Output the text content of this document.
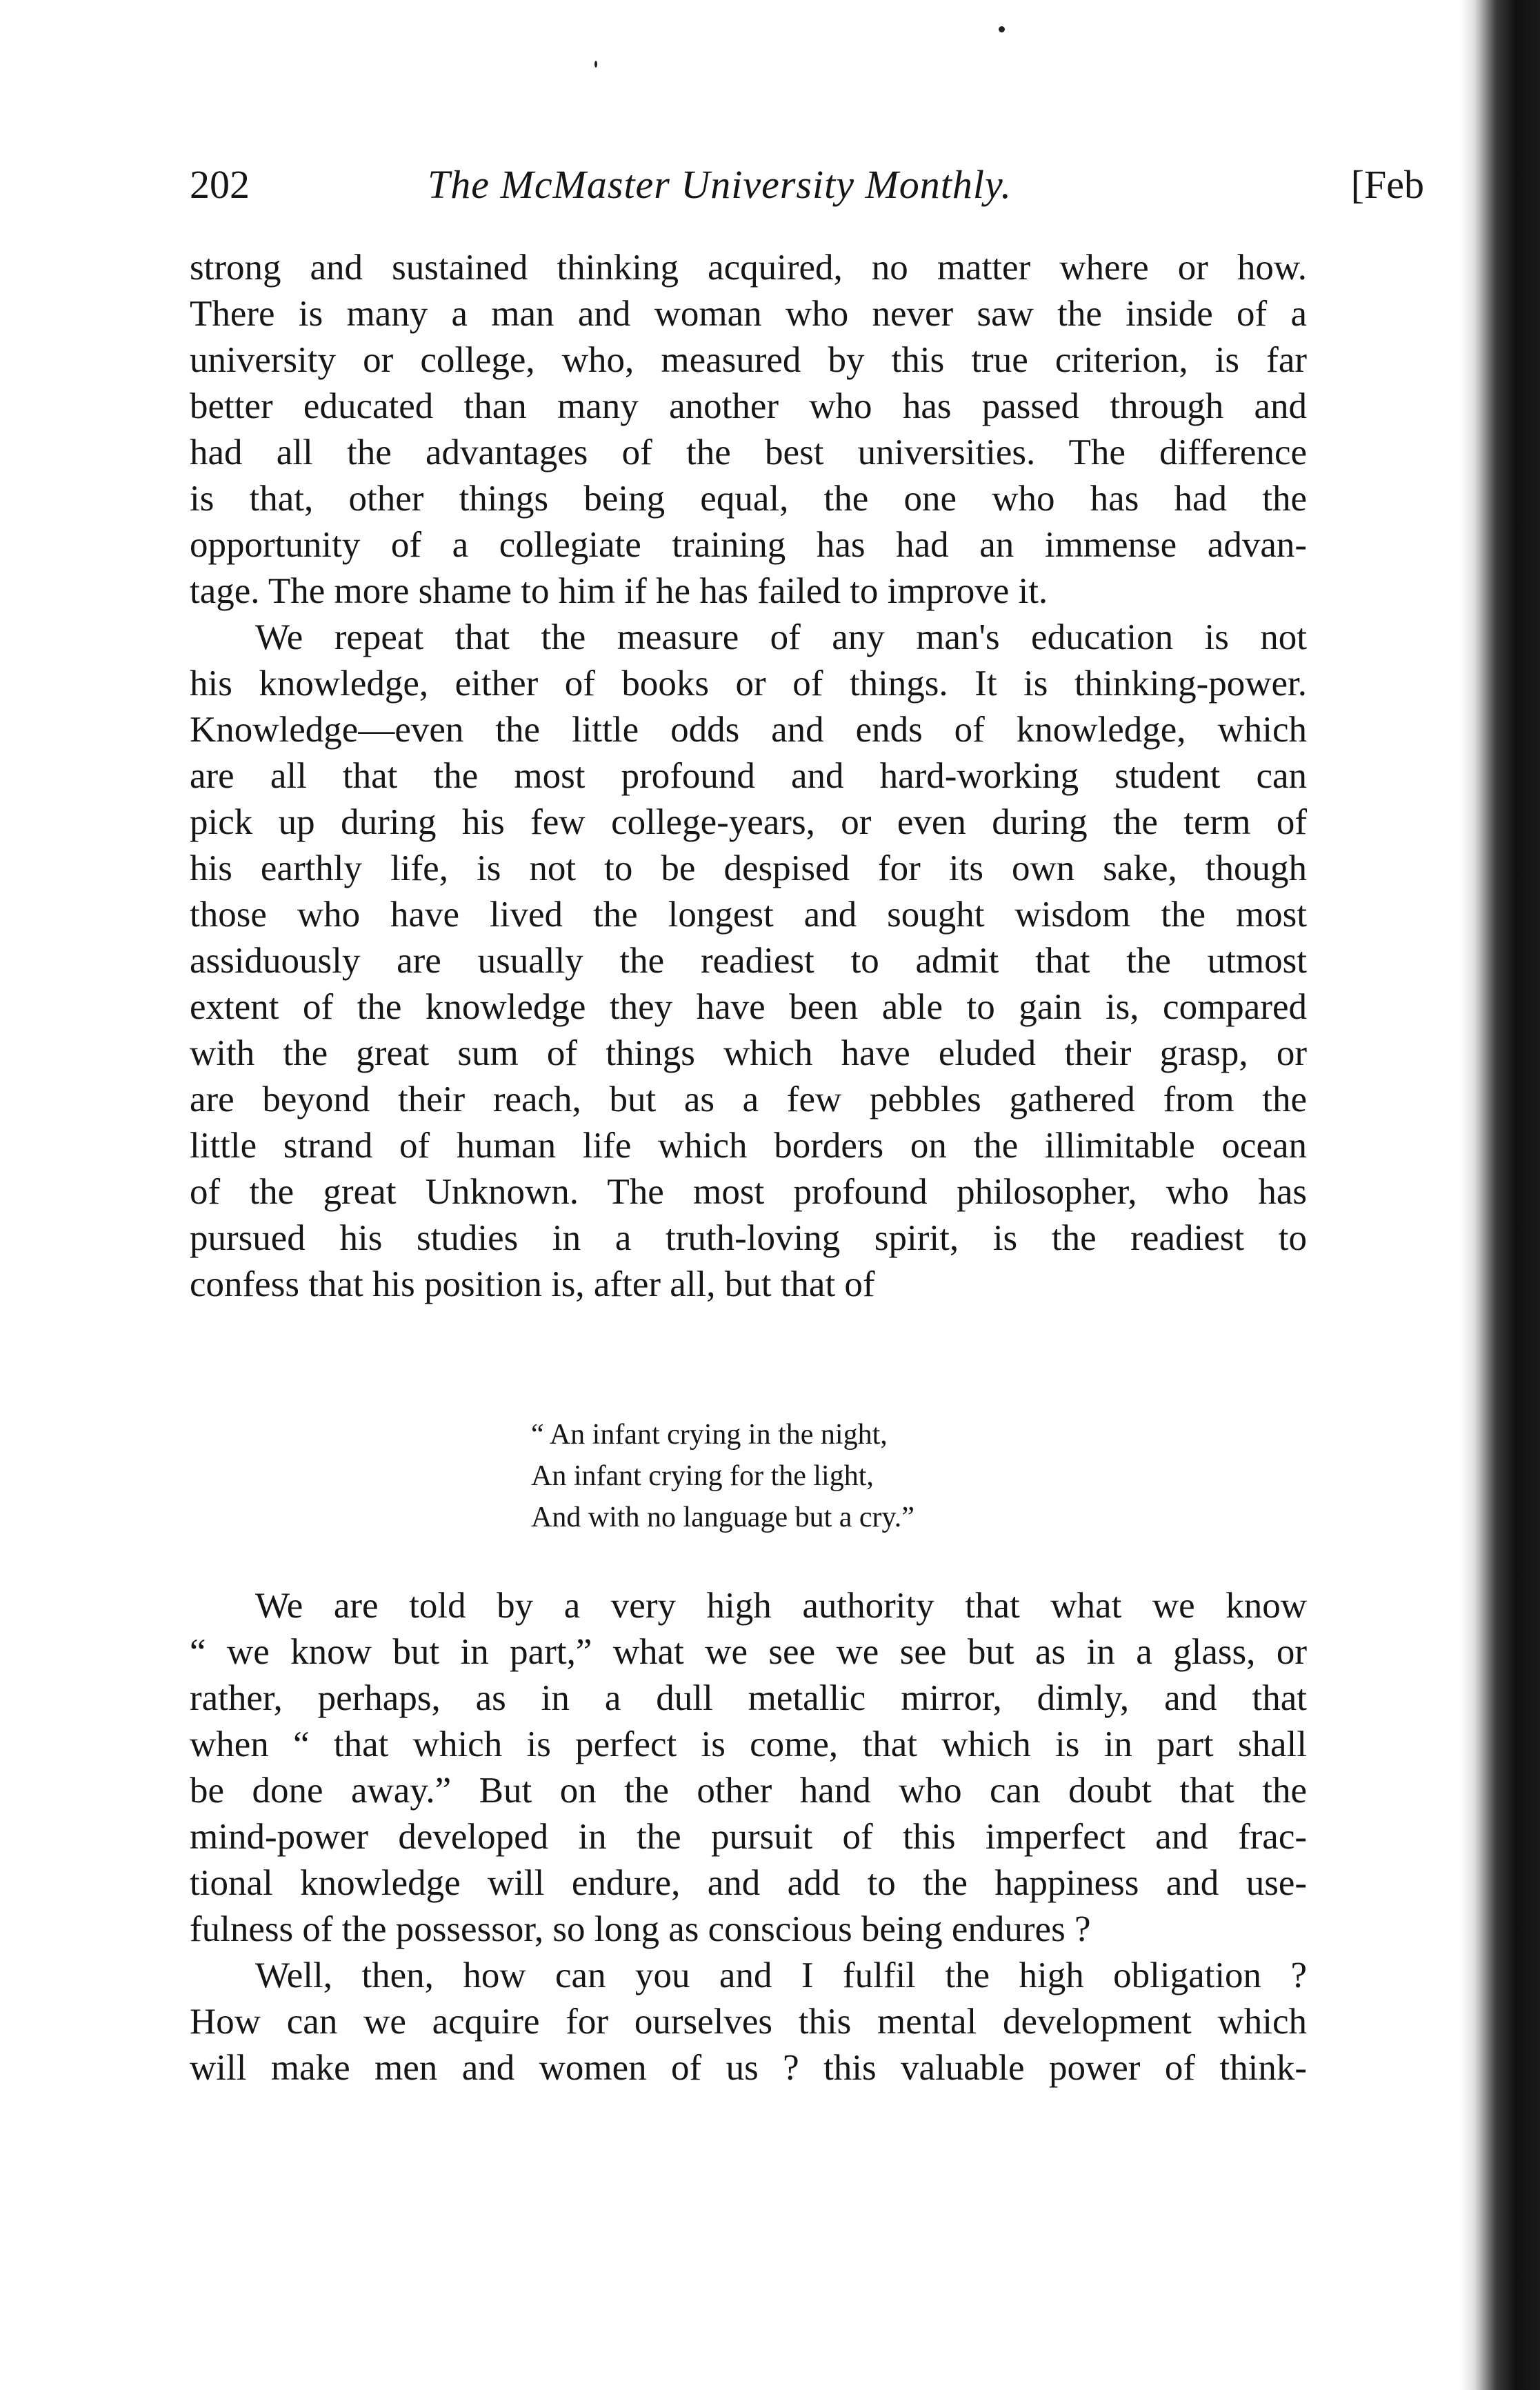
202	The McMaster University Monthly.	[Feb
strong and sustained thinking acquired, no matter where or how.
There is many a man and woman who never saw the inside of a
university or college, who, measured by this true criterion, is far
better educated than many another who has passed through and
had all the advantages of the best universities. The difference
is that, other things being equal, the one who has had the
opportunity of a collegiate training has had an immense advan-
tage. The more shame to him if he has failed to improve it.
We repeat that the measure of any man's education is not
his knowledge, either of books or of things. It is thinking-power.
Knowledge—even the little odds and ends of knowledge, which
are all that the most profound and hard-working student can
pick up during his few college-years, or even during the term of
his earthly life, is not to be despised for its own sake, though
those who have lived the longest and sought wisdom the most
assiduously are usually the readiest to admit that the utmost
extent of the knowledge they have been able to gain is, compared
with the great sum of things which have eluded their grasp, or
are beyond their reach, but as a few pebbles gathered from the
little strand of human life which borders on the illimitable ocean
of the great Unknown. The most profound philosopher, who has
pursued his studies in a truth-loving spirit, is the readiest to
confess that his position is, after all, but that of
“ An infant crying in the night,
An infant crying for the light,
And with no language but a cry.”
We are told by a very high authority that what we know
“ we know but in part,” what we see we see but as in a glass, or
rather, perhaps, as in a dull metallic mirror, dimly, and that
when “ that which is perfect is come, that which is in part shall
be done away.” But on the other hand who can doubt that the
mind-power developed in the pursuit of this imperfect and frac-
tional knowledge will endure, and add to the happiness and use-
fulness of the possessor, so long as conscious being endures ?
Well, then, how can you and I fulfil the high obligation ?
How can we acquire for ourselves this mental development which
will make men and women of us ? this valuable power of think-
